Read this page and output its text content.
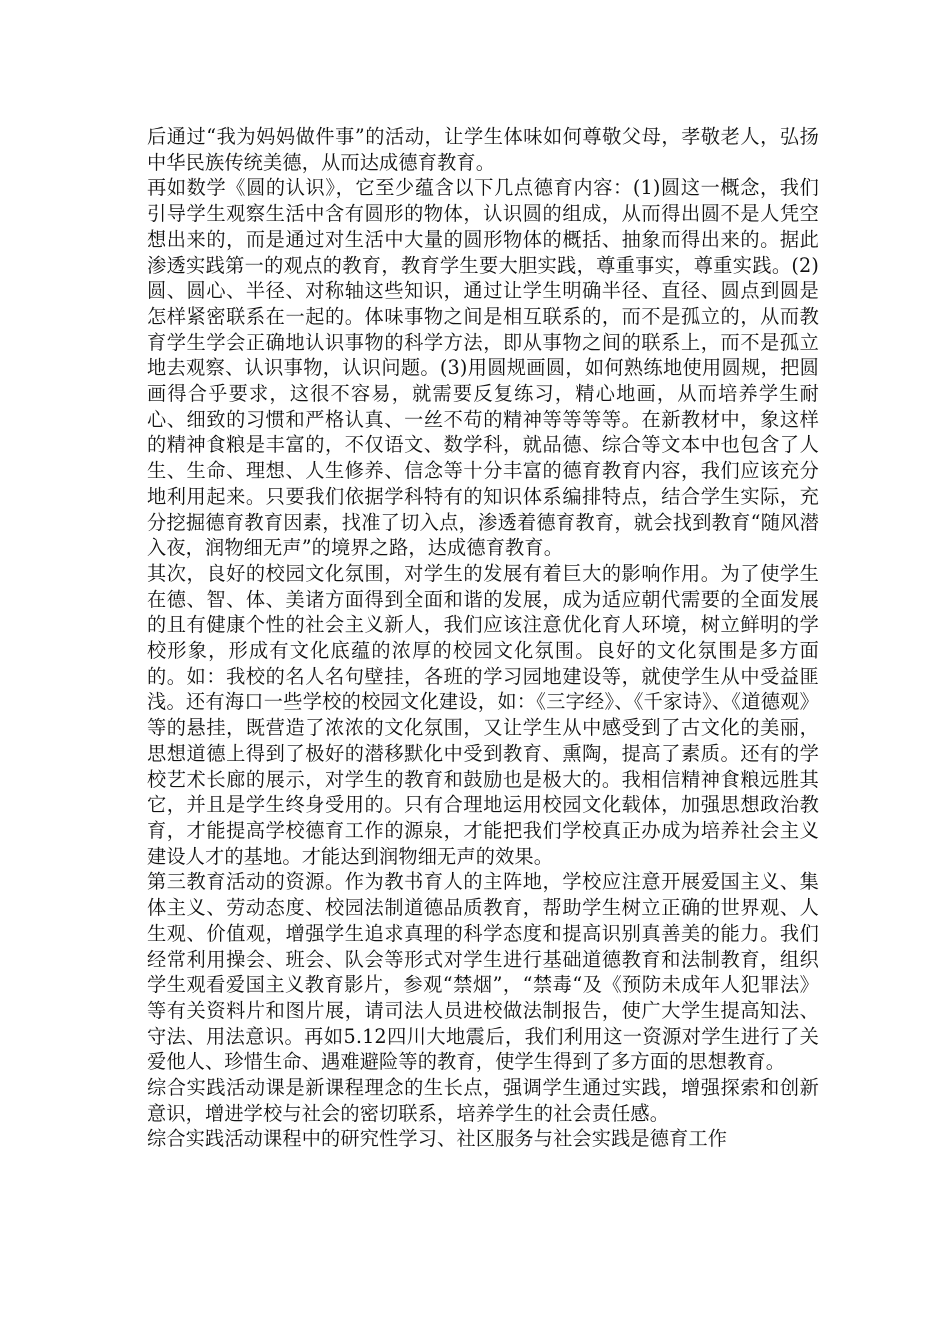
后通过“我为妈妈做件事”的活动，让学生体味如何尊敬父母，孝敬老人，弘扬中华民族传统美德，从而达成德育教育。

再如数学《圆的认识》，它至少蕴含以下几点德育内容：(1)圆这一概念，我们引导学生观察生活中含有圆形的物体，认识圆的组成，从而得出圆不是人凭空想出来的，而是通过对生活中大量的圆形物体的概括、抽象而得出来的。据此渗透实践第一的观点的教育，教育学生要大胆实践，尊重事实，尊重实践。(2)圆、圆心、半径、对称轴这些知识，通过让学生明确半径、直径、圆点到圆是怎样紧密联系在一起的。体味事物之间是相互联系的，而不是孤立的，从而教育学生学会正确地认识事物的科学方法，即从事物之间的联系上，而不是孤立地去观察、认识事物，认识问题。(3)用圆规画圆，如何熟练地使用圆规，把圆画得合乎要求，这很不容易，就需要反复练习，精心地画，从而培养学生耐心、细致的习惯和严格认真、一丝不苟的精神等等等等。在新教材中，象这样的精神食粮是丰富的，不仅语文、数学科，就品德、综合等文本中也包含了人生、生命、理想、人生修养、信念等十分丰富的德育教育内容，我们应该充分地利用起来。只要我们依据学科特有的知识体系编排特点，结合学生实际，充分挖掘德育教育因素，找准了切入点，渗透着德育教育，就会找到教育“随风潜入夜，润物细无声”的境界之路，达成德育教育。

其次，良好的校园文化氛围，对学生的发展有着巨大的影响作用。为了使学生在德、智、体、美诸方面得到全面和谐的发展，成为适应朝代需要的全面发展的且有健康个性的社会主义新人，我们应该注意优化育人环境，树立鲜明的学校形象，形成有文化底蕴的浓厚的校园文化氛围。良好的文化氛围是多方面的。如：我校的名人名句壁挂，各班的学习园地建设等，就使学生从中受益匪浅。还有海口一些学校的校园文化建设，如：《三字经》、《千家诗》、《道德观》等的悬挂，既营造了浓浓的文化氛围，又让学生从中感受到了古文化的美丽，思想道德上得到了极好的潜移默化中受到教育、熏陶，提高了素质。还有的学校艺术长廊的展示，对学生的教育和鼓励也是极大的。我相信精神食粮远胜其它，并且是学生终身受用的。只有合理地运用校园文化载体，加强思想政治教育，才能提高学校德育工作的源泉，才能把我们学校真正办成为培养社会主义建设人才的基地。才能达到润物细无声的效果。

第三教育活动的资源。作为教书育人的主阵地，学校应注意开展爱国主义、集体主义、劳动态度、校园法制道德品质教育，帮助学生树立正确的世界观、人生观、价值观，增强学生追求真理的科学态度和提高识别真善美的能力。我们经常利用操会、班会、队会等形式对学生进行基础道德教育和法制教育，组织学生观看爱国主义教育影片，参观“禁烟”，“禁毒“及《预防未成年人犯罪法》等有关资料片和图片展，请司法人员进校做法制报告，使广大学生提高知法、守法、用法意识。再如5.12四川大地震后，我们利用这一资源对学生进行了关爱他人、珍惜生命、遇难避险等的教育，使学生得到了多方面的思想教育。

综合实践活动课是新课程理念的生长点，强调学生通过实践，增强探索和创新意识，增进学校与社会的密切联系，培养学生的社会责任感。

综合实践活动课程中的研究性学习、社区服务与社会实践是德育工作
